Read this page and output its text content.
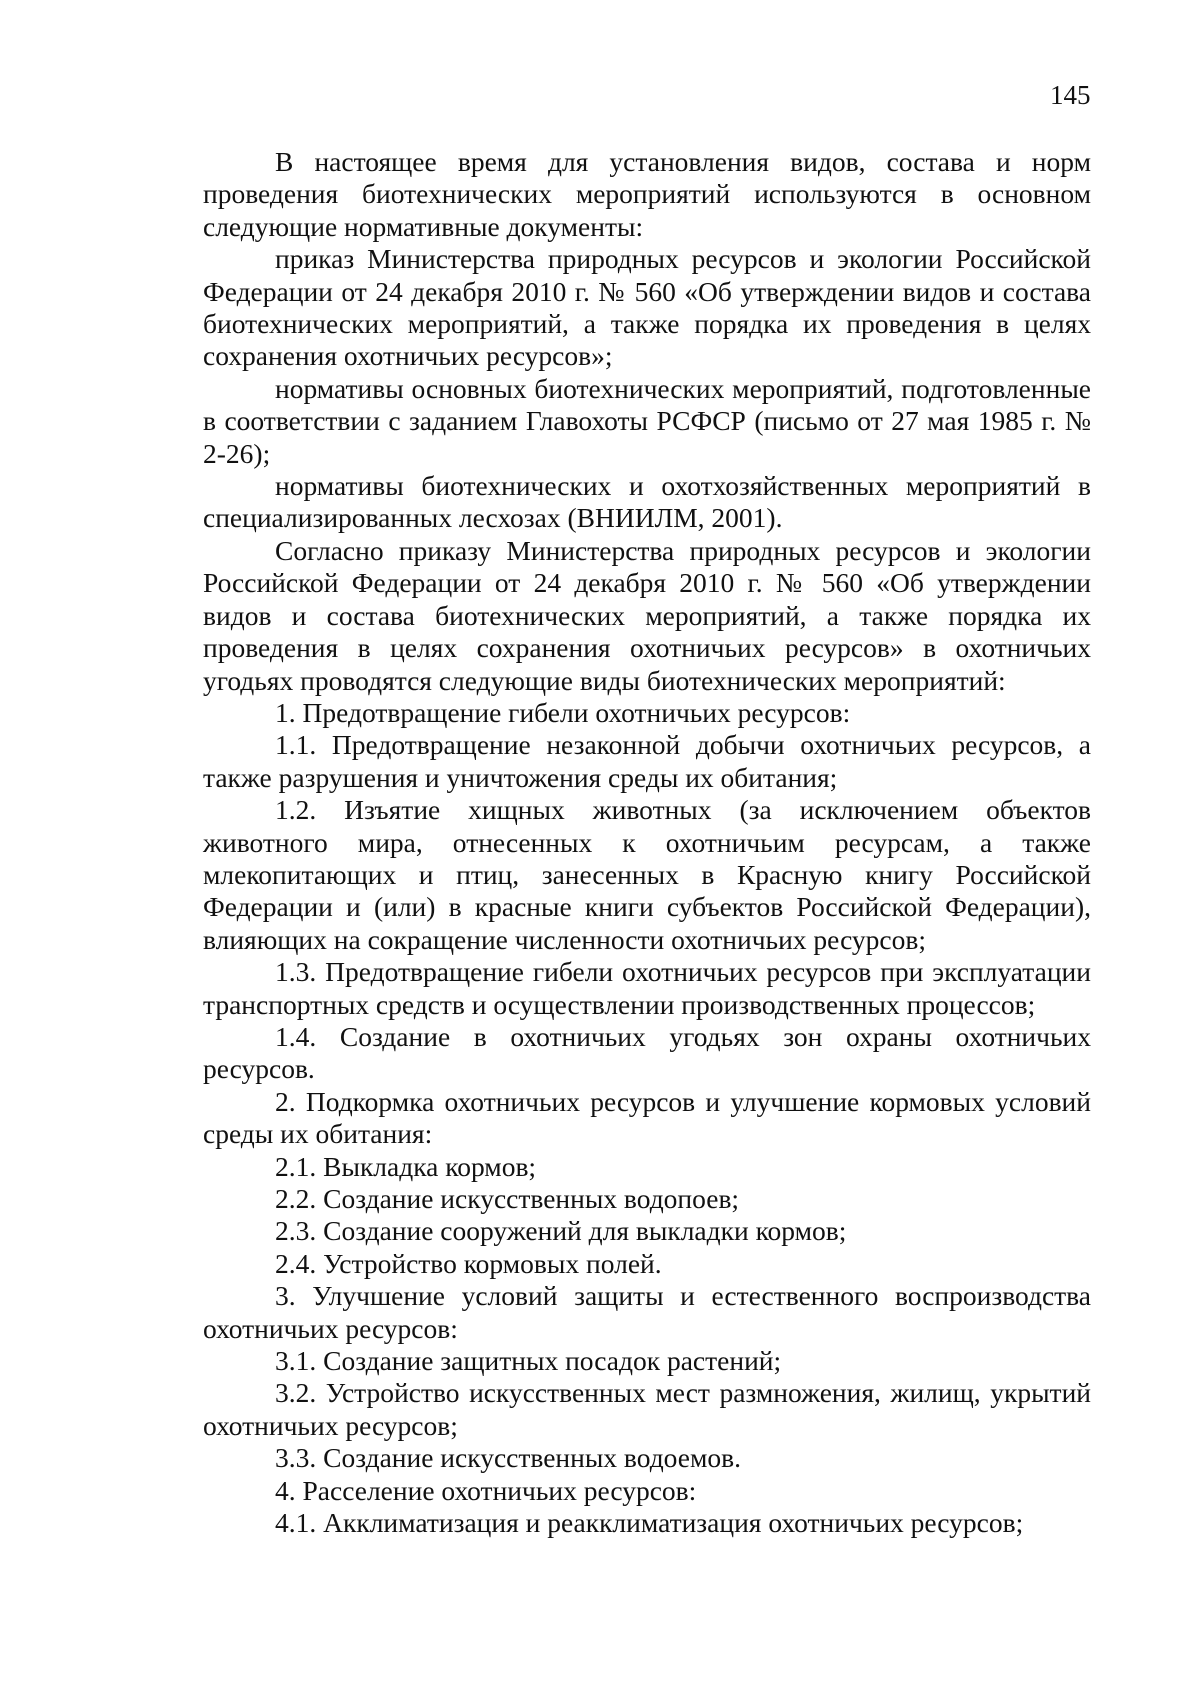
145

В настоящее время для установления видов, состава и норм проведения биотехнических мероприятий используются в основном следующие нормативные документы:

приказ Министерства природных ресурсов и экологии Российской Федерации от 24 декабря 2010 г. № 560 «Об утверждении видов и состава биотехнических мероприятий, а также порядка их проведения в целях сохранения охотничьих ресурсов»;

нормативы основных биотехнических мероприятий, подготовленные в соответствии с заданием Главохоты РСФСР (письмо от 27 мая 1985 г. № 2-26);

нормативы биотехнических и охотхозяйственных мероприятий в специализированных лесхозах (ВНИИЛМ, 2001).

Согласно приказу Министерства природных ресурсов и экологии Российской Федерации от 24 декабря 2010 г. № 560 «Об утверждении видов и состава биотехнических мероприятий, а также порядка их проведения в целях сохранения охотничьих ресурсов» в охотничьих угодьях проводятся следующие виды биотехнических мероприятий:

1. Предотвращение гибели охотничьих ресурсов:

1.1. Предотвращение незаконной добычи охотничьих ресурсов, а также разрушения и уничтожения среды их обитания;

1.2. Изъятие хищных животных (за исключением объектов животного мира, отнесенных к охотничьим ресурсам, а также млекопитающих и птиц, занесенных в Красную книгу Российской Федерации и (или) в красные книги субъектов Российской Федерации), влияющих на сокращение численности охотничьих ресурсов;

1.3. Предотвращение гибели охотничьих ресурсов при эксплуатации транспортных средств и осуществлении производственных процессов;

1.4. Создание в охотничьих угодьях зон охраны охотничьих ресурсов.

2. Подкормка охотничьих ресурсов и улучшение кормовых условий среды их обитания:

2.1. Выкладка кормов;

2.2. Создание искусственных водопоев;

2.3. Создание сооружений для выкладки кормов;

2.4. Устройство кормовых полей.

3. Улучшение условий защиты и естественного воспроизводства охотничьих ресурсов:

3.1. Создание защитных посадок растений;

3.2. Устройство искусственных мест размножения, жилищ, укрытий охотничьих ресурсов;

3.3. Создание искусственных водоемов.

4. Расселение охотничьих ресурсов:

4.1. Акклиматизация и реакклиматизация охотничьих ресурсов;
